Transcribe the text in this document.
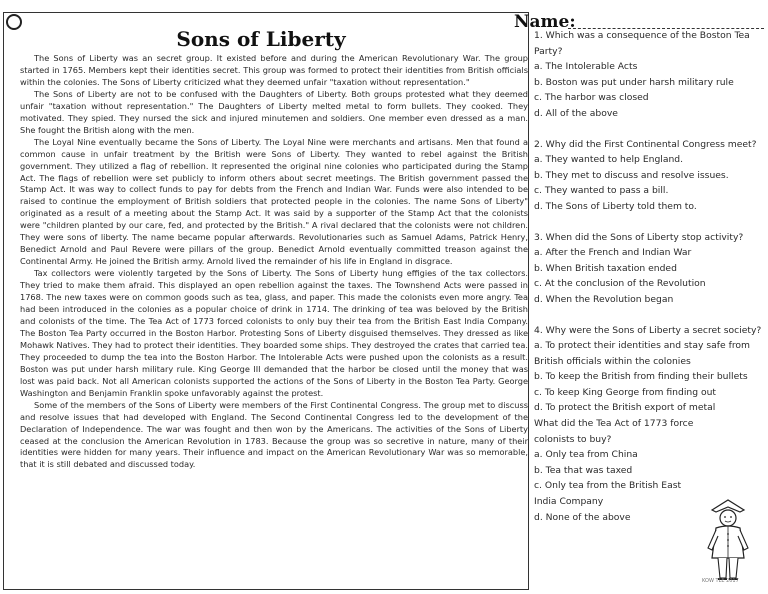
Sons of Liberty

The Sons of Liberty was an secret group. It existed before and during the American Revolutionary War. The group started in 1765. Members kept their identities secret. This group was formed to protect their identities from British officials within the colonies. The Sons of Liberty criticized what they deemed unfair "taxation without representation."

The Sons of Liberty are not to be confused with the Daughters of Liberty. Both groups protested what they deemed unfair "taxation without representation." The Daughters of Liberty melted metal to form bullets. They cooked. They motivated. They spied. They nursed the sick and injured minutemen and soldiers. One member even dressed as a man. She fought the British along with the men.

The Loyal Nine eventually became the Sons of Liberty. The Loyal Nine were merchants and artisans. Men that found a common cause in unfair treatment by the British were Sons of Liberty. They wanted to rebel against the British government. They utilized a flag of rebellion. It represented the original nine colonies who participated during the Stamp Act. The flags of rebellion were set publicly to inform others about secret meetings. The British government passed the Stamp Act. It was way to collect funds to pay for debts from the French and Indian War. Funds were also intended to be raised to continue the employment of British soldiers that protected people in the colonies. The name Sons of Liberty" originated as a result of a meeting about the Stamp Act. It was said by a supporter of the Stamp Act that the colonists were "children planted by our care, fed, and protected by the British." A rival declared that the colonists were not children. They were sons of liberty. The name became popular afterwards. Revolutionaries such as Samuel Adams, Patrick Henry, Benedict Arnold and Paul Revere were pillars of the group. Benedict Arnold eventually committed treason against the Continental Army. He joined the British army. Arnold lived the remainder of his life in England in disgrace.

Tax collectors were violently targeted by the Sons of Liberty. The Sons of Liberty hung effigies of the tax collectors. They tried to make them afraid. This displayed an open rebellion against the taxes. The Townshend Acts were passed in 1768. The new taxes were on common goods such as tea, glass, and paper. This made the colonists even more angry. Tea had been introduced in the colonies as a popular choice of drink in 1714. The drinking of tea was beloved by the British and colonists of the time. The Tea Act of 1773 forced colonists to only buy their tea from the British East India Company. The Boston Tea Party occurred in the Boston Harbor. Protesting Sons of Liberty disguised themselves. They dressed as like Mohawk Natives. They had to protect their identities. They boarded some ships. They destroyed the crates that carried tea. They proceeded to dump the tea into the Boston Harbor. The Intolerable Acts were pushed upon the colonists as a result. Boston was put under harsh military rule. King George III demanded that the harbor be closed until the money that was lost was paid back. Not all American colonists supported the actions of the Sons of Liberty in the Boston Tea Party. George Washington and Benjamin Franklin spoke unfavorably against the protest.

Some of the members of the Sons of Liberty were members of the First Continental Congress. The group met to discuss and resolve issues that had developed with England. The Second Continental Congress led to the development of the Declaration of Independence. The war was fought and then won by the Americans. The activities of the Sons of Liberty ceased at the conclusion the American Revolution in 1783. Because the group was so secretive in nature, many of their identities were hidden for many years. Their influence and impact on the American Revolutionary War was so memorable, that it is still debated and discussed today.

Name:
1. Which was a consequence of the Boston Tea Party?
a. The Intolerable Acts
b. Boston was put under harsh military rule
c. The harbor was closed
d. All of the above
2. Why did the First Continental Congress meet?
a. They wanted to help England.
b. They met to discuss and resolve issues.
c. They wanted to pass a bill.
d. The Sons of Liberty told them to.
3. When did the Sons of Liberty stop activity?
a. After the French and Indian War
b. When British taxation ended
c. At the conclusion of the Revolution
d. When the Revolution began
4. Why were the Sons of Liberty a secret society?
a. To protect their identities and stay safe from British officials within the colonies
b. To keep the British from finding their bullets
c. To keep King George from finding out
d. To protect the British export of metal
What did the Tea Act of 1773 force colonists to buy?
a. Only tea from China
b. Tea that was taxed
c. Only tea from the British East India Company
d. None of the above
KOW TLE 2017
